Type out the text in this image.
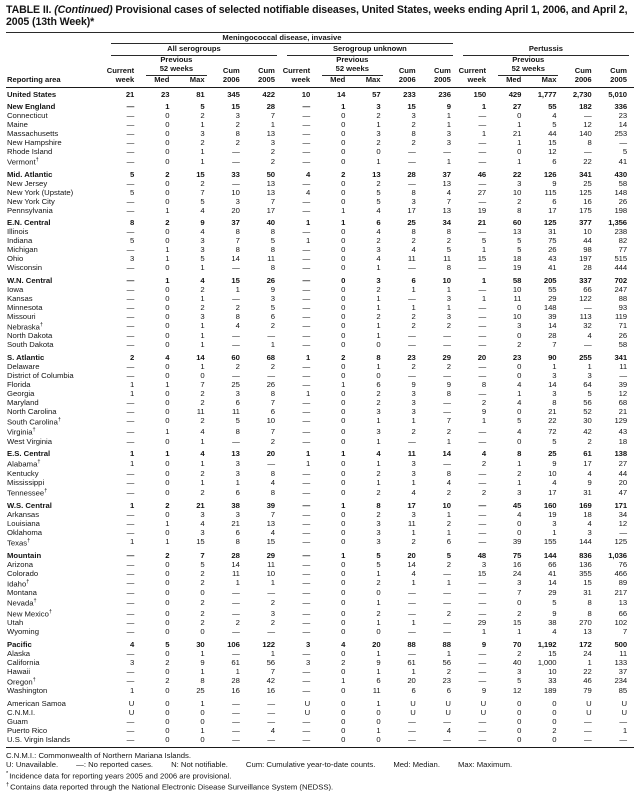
TABLE II. (Continued) Provisional cases of selected notifiable diseases, United States, weeks ending April 1, 2006, and April 2, 2005 (13th Week)*

	Meningococcal disease, invasive														

	All serogroups					Serogroup unknown					Pertussis				

		Previous					Previous					Previous			
	Current	52 weeks		Cum	Cum	Current	52 weeks		Cum	Cum	Current	52 weeks		Cum	Cum
Reporting area	week	Med	Max	2006	2005	week	Med	Max	2006	2005	week	Med	Max	2006	2005
United States	21	23	81	345	422	10	14	57	233	236	150	429	1,777	2,730	5,010

New England	—	1	5	15	28	—	1	3	15	9	1	27	55	182	336
Connecticut	—	0	2	3	7	—	0	2	3	1	—	0	4	—	23
Maine	—	0	1	2	1	—	0	1	2	1	—	1	5	12	14
Massachusetts	—	0	3	8	13	—	0	3	8	3	1	21	44	140	253
New Hampshire	—	0	2	2	3	—	0	2	2	3	—	1	15	8	—
Rhode Island	—	0	1	—	2	—	0	0	—	—	—	0	12	—	5
Vermont†	—	0	1	—	2	—	0	1	—	1	—	1	6	22	41

Mid. Atlantic	5	2	15	33	50	4	2	13	28	37	46	22	126	341	430
New Jersey	—	0	2	—	13	—	0	2	—	13	—	3	9	25	58
New York (Upstate)	5	0	7	10	13	4	0	5	8	4	27	10	115	125	148
New York City	—	0	5	3	7	—	0	5	3	7	—	2	6	16	26
Pennsylvania	—	1	4	20	17	—	1	4	17	13	19	8	17	175	198

E.N. Central	8	2	9	37	40	1	1	6	25	34	21	60	125	377	1,356
Illinois	—	0	4	8	8	—	0	4	8	8	—	13	31	10	238
Indiana	5	0	3	7	5	1	0	2	2	2	5	5	75	44	82
Michigan	—	1	3	8	8	—	0	3	4	5	1	5	26	98	77
Ohio	3	1	5	14	11	—	0	4	11	11	15	18	43	197	515
Wisconsin	—	0	1	—	8	—	0	1	—	8	—	19	41	28	444

W.N. Central	—	1	4	15	26	—	0	3	6	10	1	58	205	337	702
Iowa	—	0	2	1	9	—	0	2	1	1	—	10	55	66	247
Kansas	—	0	1	—	3	—	0	1	—	3	1	11	29	122	88
Minnesota	—	0	2	2	5	—	0	1	1	1	—	0	148	—	93
Missouri	—	0	3	8	6	—	0	2	2	3	—	10	39	113	119
Nebraska†	—	0	1	4	2	—	0	1	2	2	—	3	14	32	71
North Dakota	—	0	1	—	—	—	0	1	—	—	—	0	28	4	26
South Dakota	—	0	1	—	1	—	0	0	—	—	—	2	7	—	58

S. Atlantic	2	4	14	60	68	1	2	8	23	29	20	23	90	255	341
Delaware	—	0	1	2	2	—	0	1	2	2	—	0	1	1	11
District of Columbia	—	0	0	—	—	—	0	0	—	—	—	0	3	3	—
Florida	1	1	7	25	26	—	1	6	9	9	8	4	14	64	39
Georgia	1	0	2	3	8	1	0	2	3	8	—	1	3	5	12
Maryland	—	0	2	6	7	—	0	2	3	—	2	4	8	56	68
North Carolina	—	0	11	11	6	—	0	3	3	—	9	0	21	52	21
South Carolina†	—	0	2	5	10	—	0	1	1	7	1	5	22	30	129
Virginia†	—	1	4	8	7	—	0	3	2	2	—	4	72	42	43
West Virginia	—	0	1	—	2	—	0	1	—	1	—	0	5	2	18

E.S. Central	1	1	4	13	20	1	1	4	11	14	4	8	25	61	138
Alabama†	1	0	1	3	—	1	0	1	3	—	2	1	9	17	27
Kentucky	—	0	2	3	8	—	0	2	3	8	—	2	10	4	44
Mississippi	—	0	1	1	4	—	0	1	1	4	—	1	4	9	20
Tennessee†	—	0	2	6	8	—	0	2	4	2	2	3	17	31	47

W.S. Central	1	2	21	38	39	—	1	8	17	10	—	45	160	169	171
Arkansas	—	0	3	3	7	—	0	2	3	1	—	4	19	18	34
Louisiana	—	1	4	21	13	—	0	3	11	2	—	0	3	4	12
Oklahoma	—	0	3	6	4	—	0	3	1	1	—	0	1	3	—
Texas†	1	1	15	8	15	—	0	3	2	6	—	39	155	144	125

Mountain	—	2	7	28	29	—	1	5	20	5	48	75	144	836	1,036
Arizona	—	0	5	14	11	—	0	5	14	2	3	16	66	136	76
Colorado	—	0	2	11	10	—	0	1	4	—	15	24	41	355	466
Idaho†	—	0	2	1	1	—	0	2	1	1	—	3	14	15	89
Montana	—	0	0	—	—	—	0	0	—	—	—	7	29	31	217
Nevada†	—	0	2	—	2	—	0	1	—	—	—	0	5	8	13
New Mexico†	—	0	2	—	3	—	0	2	—	2	—	2	9	8	66
Utah	—	0	2	2	2	—	0	1	1	—	29	15	38	270	102
Wyoming	—	0	0	—	—	—	0	0	—	—	1	1	4	13	7

Pacific	4	5	30	106	122	3	4	20	88	88	9	70	1,192	172	500
Alaska	—	0	1	—	1	—	0	1	—	1	—	2	15	24	11
California	3	2	9	61	56	3	2	9	61	56	—	40	1,000	1	133
Hawaii	—	0	1	1	7	—	0	1	1	2	—	3	10	22	37
Oregon†	—	2	8	28	42	—	1	6	20	23	—	5	33	46	234
Washington	1	0	25	16	16	—	0	11	6	6	9	12	189	79	85

American Samoa	U	0	1	—	—	U	0	1	U	U	U	0	0	U	U
C.N.M.I.	U	0	0	—	—	U	0	0	U	U	U	0	0	U	U
Guam	—	0	0	—	—	—	0	0	—	—	—	0	0	—	—
Puerto Rico	—	0	1	—	4	—	0	1	—	4	—	0	2	—	1
U.S. Virgin Islands	—	0	0	—	—	—	0	0	—	—	—	0	0	—	—
C.N.M.I.: Commonwealth of Northern Mariana Islands.
U: Unavailable. —: No reported cases. N: Not notifiable. Cum: Cumulative year-to-date counts. Med: Median. Max: Maximum.
*Incidence data for reporting years 2005 and 2006 are provisional.
†Contains data reported through the National Electronic Disease Surveillance System (NEDSS).
